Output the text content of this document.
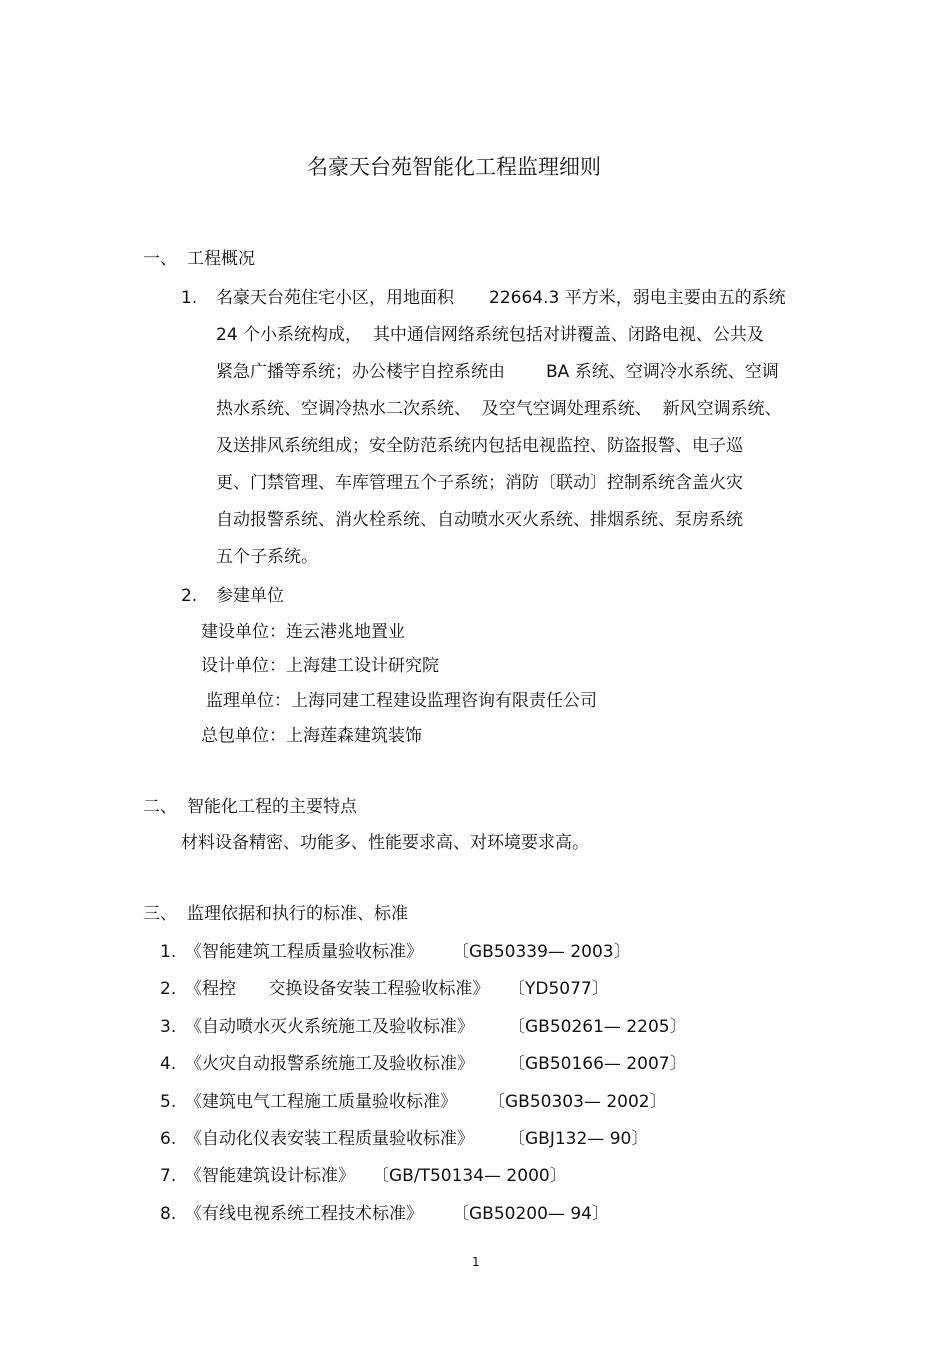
名豪天台苑智能化工程监理细则
一、 工程概况
1. 名豪天台苑住宅小区，用地面积 22664.3 平方米，弱电主要由五的系统
24 个小系统构成，  其中通信网络系统包括对讲覆盖、闭路电视、公共及
紧急广播等系统；办公楼宇自控系统由 BA 系统、空调冷水系统、空调
热水系统、空调冷热水二次系统、  及空气空调处理系统、  新风空调系统、
及送排风系统组成；安全防范系统内包括电视监控、防盗报警、电子巡
更、门禁管理、车库管理五个子系统；消防〔联动〕控制系统含盖火灾
自动报警系统、消火栓系统、自动喷水灭火系统、排烟系统、泵房系统
五个子系统。
2. 参建单位
建设单位：连云港兆地置业
设计单位：上海建工设计研究院
监理单位：上海同建工程建设监理咨询有限责任公司
总包单位：上海莲森建筑装饰
二、 智能化工程的主要特点
材料设备精密、功能多、性能要求高、对环境要求高。
三、 监理依据和执行的标准、标准
1. 《智能建筑工程质量验收标准》 〔GB50339— 2003〕
2. 《程控      交换设备安装工程验收标准》 〔YD5077〕
3. 《自动喷水灭火系统施工及验收标准》 〔GB50261— 2205〕
4. 《火灾自动报警系统施工及验收标准》 〔GB50166— 2007〕
5. 《建筑电气工程施工质量验收标准》 〔GB50303— 2002〕
6. 《自动化仪表安装工程质量验收标准》 〔GBJ132— 90〕
7. 《智能建筑设计标准》 〔GB/T50134— 2000〕
8. 《有线电视系统工程技术标准》 〔GB50200— 94〕
1
